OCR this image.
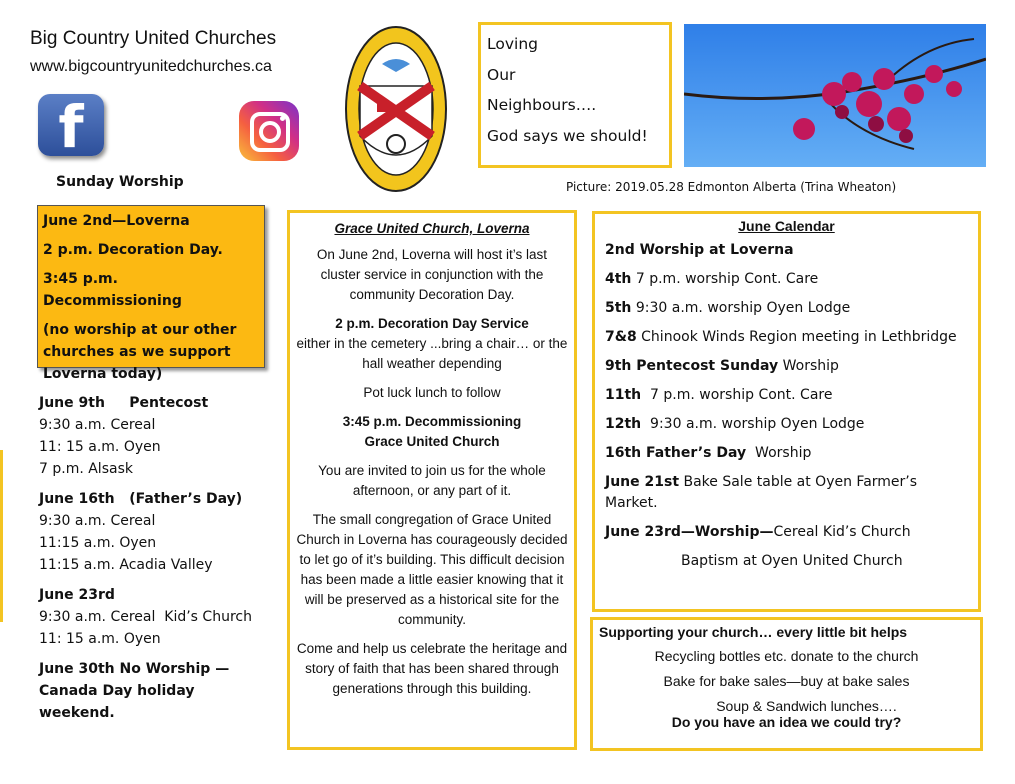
Big Country United Churches
www.bigcountryunitedchurches.ca
f
Loving
Our
Neighbours….
God says we should!
Picture: 2019.05.28 Edmonton Alberta (Trina Wheaton)
Sunday Worship
June 2nd—Loverna
2 p.m. Decoration Day.
3:45 p.m. Decommissioning
(no worship at our other churches as we support Loverna today)
June 9th     Pentecost
9:30 a.m. Cereal
11: 15 a.m. Oyen
7 p.m. Alsask
June 16th   (Father’s Day)
9:30 a.m. Cereal
11:15 a.m. Oyen
11:15 a.m. Acadia Valley
June 23rd
9:30 a.m. Cereal  Kid’s Church
11: 15 a.m. Oyen
June 30th No Worship — Canada Day holiday weekend.

Grace United Church, Loverna

On June 2nd, Loverna will host it’s last cluster service in conjunction with the community Decoration Day.

2 p.m. Decoration Day Service
either in the cemetery ...bring a chair… or the hall weather depending

Pot luck lunch to follow

3:45 p.m. Decommissioning
Grace United Church

You are invited to join us for the whole afternoon, or any part of it.

The small congregation of Grace United Church in Loverna has courageously decided to let go of it’s building. This difficult decision has been made a little easier knowing that it will be preserved as a historical site for the community.

Come and help us celebrate the heritage and story of faith that has been shared through generations through this building.

June Calendar
2nd Worship at Loverna
4th 7 p.m. worship Cont. Care
5th 9:30 a.m. worship Oyen Lodge
7&8 Chinook Winds Region meeting in Lethbridge
9th Pentecost Sunday Worship
11th  7 p.m. worship Cont. Care
12th  9:30 a.m. worship Oyen Lodge
16th Father’s Day  Worship
June 21st Bake Sale table at Oyen Farmer’s Market.
June 23rd—Worship—Cereal Kid’s Church
Baptism at Oyen United Church
Supporting your church… every little bit helps
Recycling bottles etc. donate to the church
Bake for bake sales—buy at bake sales
Soup & Sandwich lunches….
Do you have an idea we could try?
